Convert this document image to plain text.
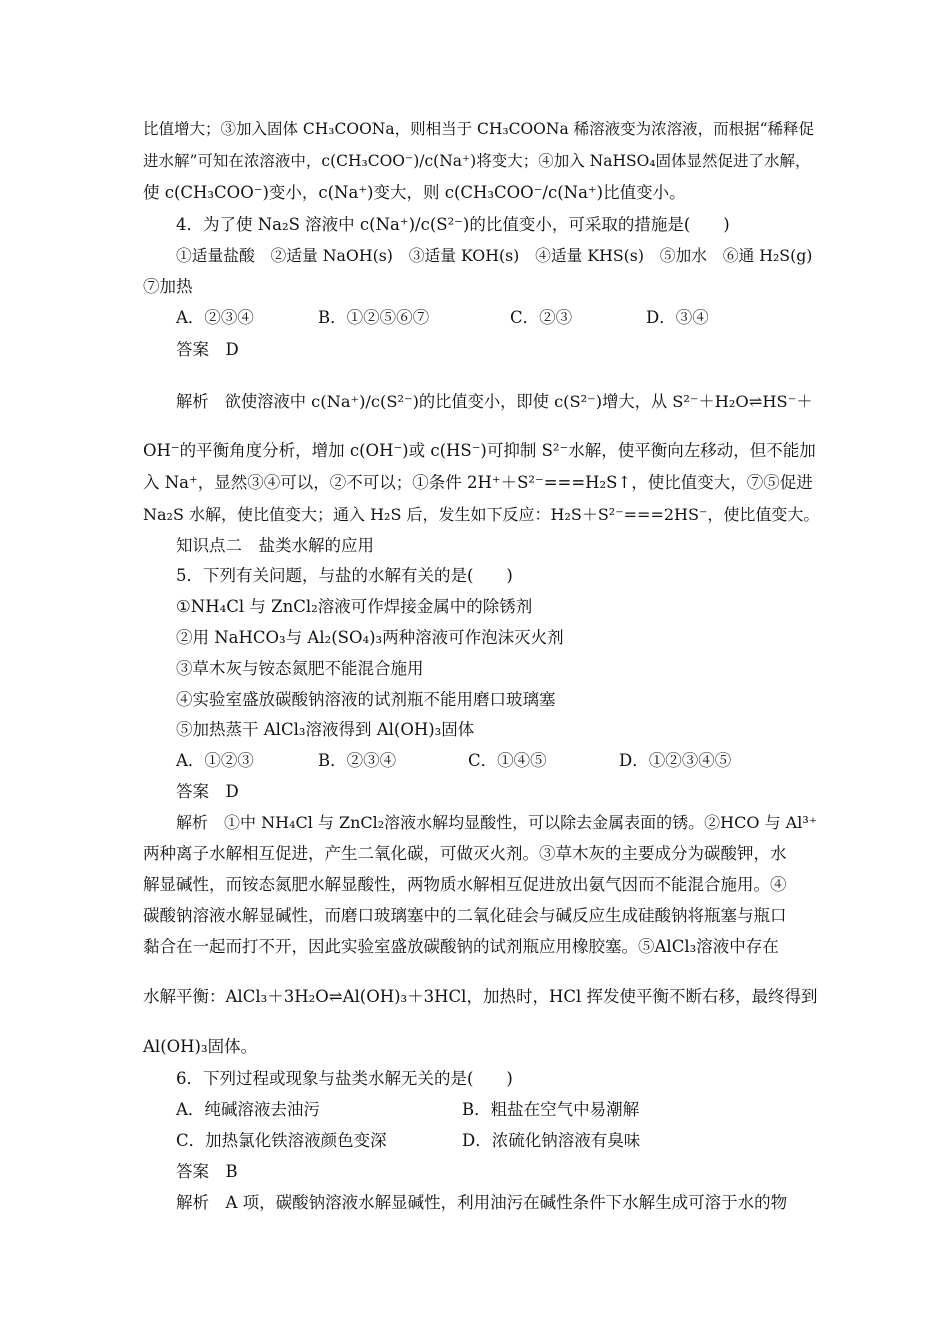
比值增大；③加入固体 CH₃COONa，则相当于 CH₃COONa 稀溶液变为浓溶液，而根据“稀释促
进水解”可知在浓溶液中，c(CH₃COO⁻)/c(Na⁺)将变大；④加入 NaHSO₄固体显然促进了水解，
使 c(CH₃COO⁻)变小，c(Na⁺)变大，则 c(CH₃COO⁻/c(Na⁺)比值变小。
4．为了使 Na₂S 溶液中 c(Na⁺)/c(S²⁻)的比值变小，可采取的措施是(　　)
①适量盐酸　②适量 NaOH(s)　③适量 KOH(s)　④适量 KHS(s)　⑤加水　⑥通 H₂S(g)
⑦加热
A．②③④	B．①②⑤⑥⑦	C．②③	D．③④
答案　D
解析　欲使溶液中 c(Na⁺)/c(S²⁻)的比值变小，即使 c(S²⁻)增大，从 S²⁻＋H₂O⇌HS⁻＋
OH⁻的平衡角度分析，增加 c(OH⁻)或 c(HS⁻)可抑制 S²⁻水解，使平衡向左移动，但不能加
入 Na⁺，显然③④可以，②不可以；①条件 2H⁺＋S²⁻===H₂S↑，使比值变大，⑦⑤促进
Na₂S 水解，使比值变大；通入 H₂S 后，发生如下反应：H₂S＋S²⁻===2HS⁻，使比值变大。
知识点二　盐类水解的应用
5．下列有关问题，与盐的水解有关的是(　　)
①NH₄Cl 与 ZnCl₂溶液可作焊接金属中的除锈剂
②用 NaHCO₃与 Al₂(SO₄)₃两种溶液可作泡沫灭火剂
③草木灰与铵态氮肥不能混合施用
④实验室盛放碳酸钠溶液的试剂瓶不能用磨口玻璃塞
⑤加热蒸干 AlCl₃溶液得到 Al(OH)₃固体
A．①②③	B．②③④	C．①④⑤	D．①②③④⑤
答案　D
解析　①中 NH₄Cl 与 ZnCl₂溶液水解均显酸性，可以除去金属表面的锈。②HCO 与 Al³⁺
两种离子水解相互促进，产生二氧化碳，可做灭火剂。③草木灰的主要成分为碳酸钾，水
解显碱性，而铵态氮肥水解显酸性，两物质水解相互促进放出氨气因而不能混合施用。④
碳酸钠溶液水解显碱性，而磨口玻璃塞中的二氧化硅会与碱反应生成硅酸钠将瓶塞与瓶口
黏合在一起而打不开，因此实验室盛放碳酸钠的试剂瓶应用橡胶塞。⑤AlCl₃溶液中存在
水解平衡：AlCl₃＋3H₂O⇌Al(OH)₃＋3HCl，加热时，HCl 挥发使平衡不断右移，最终得到
Al(OH)₃固体。
6．下列过程或现象与盐类水解无关的是(　　)
A．纯碱溶液去油污	B．粗盐在空气中易潮解
C．加热氯化铁溶液颜色变深	D．浓硫化钠溶液有臭味
答案　B
解析　A 项，碳酸钠溶液水解显碱性，利用油污在碱性条件下水解生成可溶于水的物
